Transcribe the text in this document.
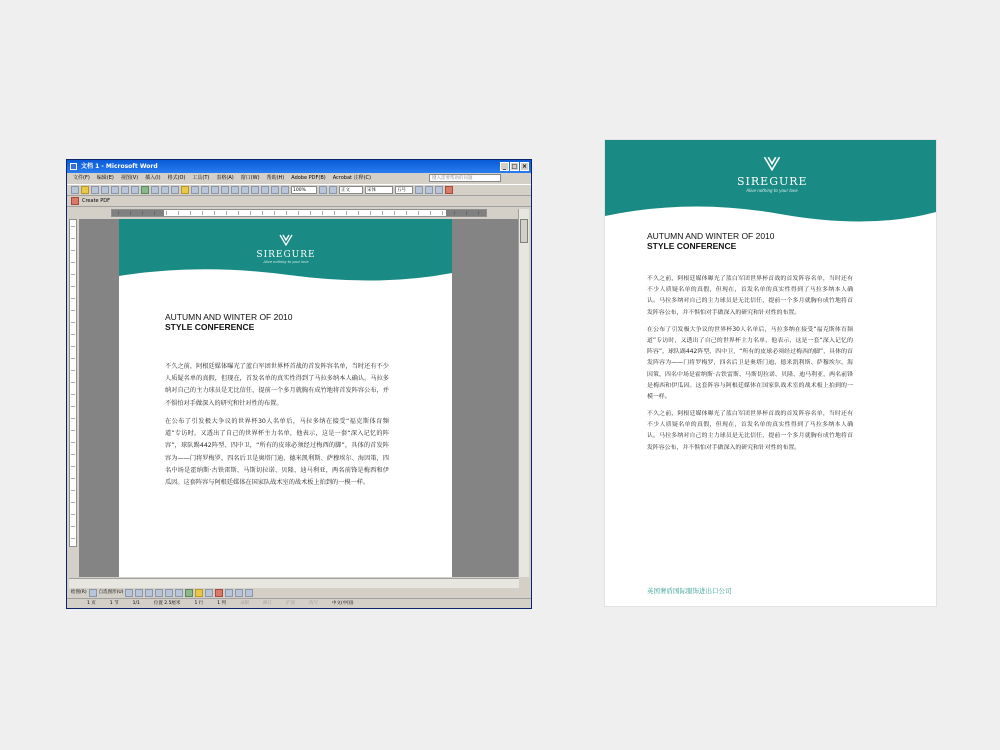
文档 1 - Microsoft Word	_ □ ×
文件(F) 编辑(E) 视图(V) 插入(I) 格式(O) 工具(T) 表格(A) 窗口(W) 帮助(H) Adobe PDF(B) Acrobat 注释(C)	键入需要帮助的问题
100%	正文	宋体	五号
Create PDF
SIREGURE
Alive nothing to your love
AUTUMN AND WINTER OF 2010
STYLE CONFERENCE

不久之前，阿根廷媒体曝光了蓝白军团世界杯首战的首发阵容名单，当时还有不少人质疑名单的真假，但现在，首发名单的真实性得到了马拉多纳本人确认。马拉多纳对自己的主力球员是无比信任，提前一个多月就胸有成竹地将首发阵容公布，并不惧怕对手做深入的研究和针对性的布置。

在公布了引发极大争议的世界杯30人名单后，马拉多纳在接受“福克斯体育频道”专访时，又透出了自己的世界杯主力名单，他表示，这是一套“深入记忆的阵容”，球队踢442阵型、四中卫，“所有的皮球必须经过梅西的脚”，具体的首发阵容为——门将罗梅罗，四名后卫是奥塔门迪、德米凯利斯、萨穆埃尔、海因策，四名中场是霍纳斯·古铁雷斯、马斯切拉诺、贝隆、迪马利亚，两名前锋是梅西和伊瓜因。这套阵容与阿根廷媒体在国家队战术室的战术板上拍到的一模一样。

绘图(R)	自选图形(U)
1 页	1 节	1/1	位置 2.5厘米	1 行	1 列	录制	修订	扩展	改写	中文(中国)
SIREGURE
Alive nothing to your love
AUTUMN AND WINTER OF 2010
STYLE CONFERENCE

不久之前，阿根廷媒体曝光了蓝白军团世界杯首战的首发阵容名单，当时还有不少人质疑名单的真假，但现在，首发名单的真实性得到了马拉多纳本人确认。马拉多纳对自己的主力球员是无比信任，提前一个多月就胸有成竹地将首发阵容公布，并不惧怕对手做深入的研究和针对性的布置。

在公布了引发极大争议的世界杯30人名单后，马拉多纳在接受“福克斯体育频道”专访时，又透出了自己的世界杯主力名单，他表示，这是一套“深入记忆的阵容”，球队踢442阵型、四中卫，“所有的皮球必须经过梅西的脚”，具体的首发阵容为——门将罗梅罗，四名后卫是奥塔门迪、德米凯利斯、萨穆埃尔、海因策，四名中场是霍纳斯·古铁雷斯、马斯切拉诺、贝隆、迪马利亚，两名前锋是梅西和伊瓜因。这套阵容与阿根廷媒体在国家队战术室的战术板上拍到的一模一样。

不久之前，阿根廷媒体曝光了蓝白军团世界杯首战的首发阵容名单，当时还有不少人质疑名单的真假，但现在，首发名单的真实性得到了马拉多纳本人确认。马拉多纳对自己的主力球员是无比信任，提前一个多月就胸有成竹地将首发阵容公布，并不惧怕对手做深入的研究和针对性的布置。

英国奢盾国际服饰进出口公司
